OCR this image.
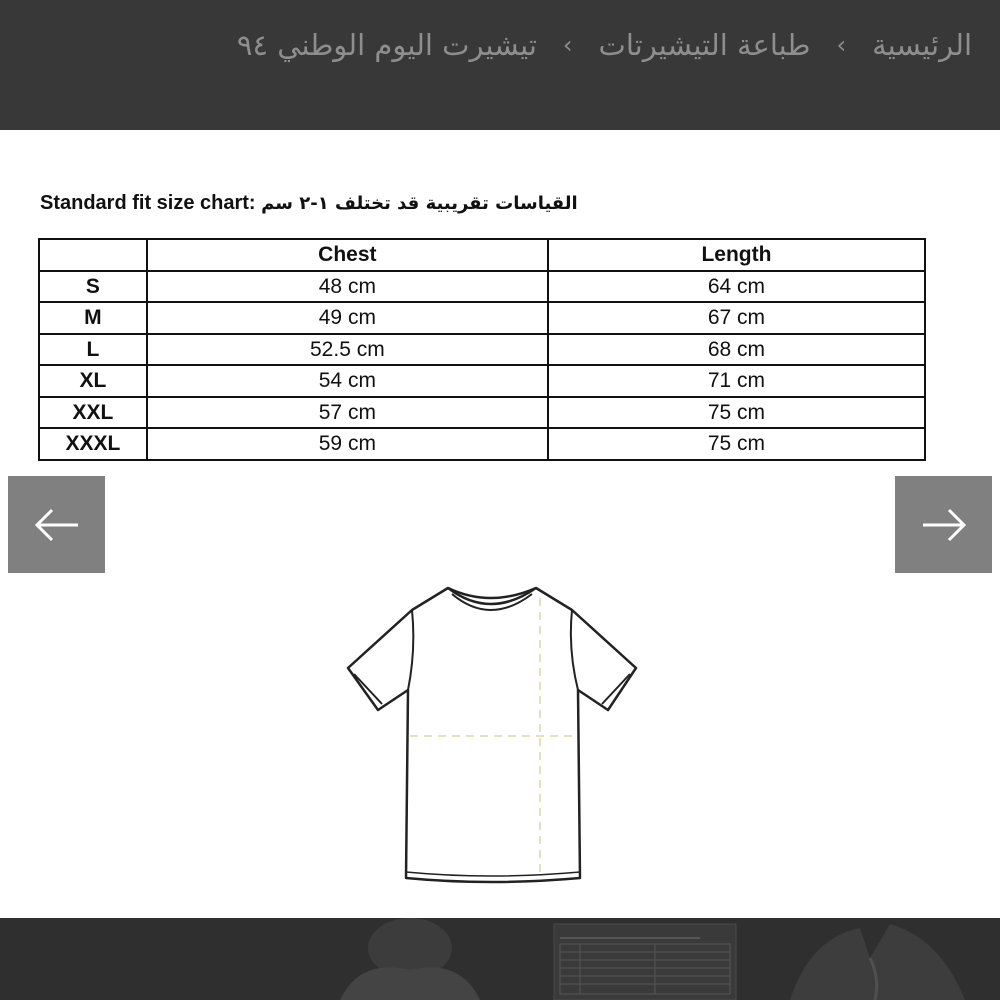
الرئيسية
›
طباعة التيشيرتات
›
تيشيرت اليوم الوطني ٩٤
Standard fit size chart: القياسات تقريبية قد تختلف ١-٢ سم
	Chest	Length
S	48 cm	64 cm
M	49 cm	67 cm
L	52.5 cm	68 cm
XL	54 cm	71 cm
XXL	57 cm	75 cm
XXXL	59 cm	75 cm
